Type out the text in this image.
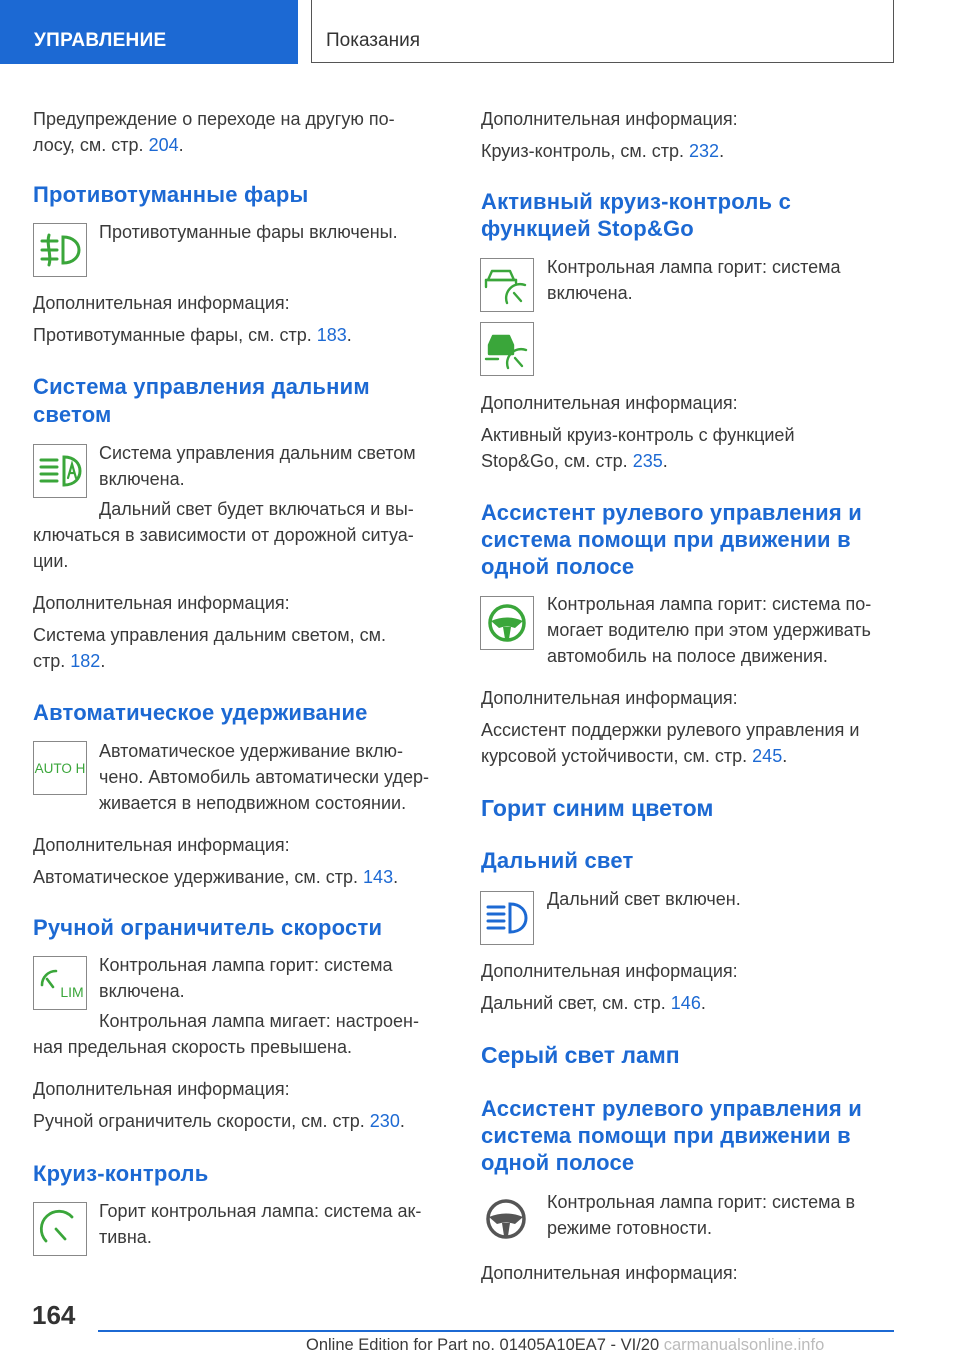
УПРАВЛЕНИЕ	Показания
Предупреждение о переходе на другую по-
лосу, см. стр. 204.
Противотуманные фары
Противотуманные фары включены.
Дополнительная информация:
Противотуманные фары, см. стр. 183.
Система управления дальним
светом
Система управления дальним светом
включена.
Дальний свет будет включаться и вы-
ключаться в зависимости от дорожной ситуа-
ции.
Дополнительная информация:
Система управления дальним светом, см.
стр. 182.
Автоматическое удерживание
AUTO H
Автоматическое удерживание вклю-
чено. Автомобиль автоматически удер-
живается в неподвижном состоянии.
Дополнительная информация:
Автоматическое удерживание, см. стр. 143.
Ручной ограничитель скорости
LIM
Контрольная лампа горит: система
включена.
Контрольная лампа мигает: настроен-
ная предельная скорость превышена.
Дополнительная информация:
Ручной ограничитель скорости, см. стр. 230.
Круиз-контроль
Горит контрольная лампа: система ак-
тивна.
Дополнительная информация:
Круиз-контроль, см. стр. 232.
Активный круиз-контроль с
функцией Stop&Go
Контрольная лампа горит: система
включена.
Дополнительная информация:
Активный круиз-контроль с функцией
Stop&Go, см. стр. 235.
Ассистент рулевого управления и
система помощи при движении в
одной полосе
Контрольная лампа горит: система по-
могает водителю при этом удерживать
автомобиль на полосе движения.
Дополнительная информация:
Ассистент поддержки рулевого управления и
курсовой устойчивости, см. стр. 245.
Горит синим цветом
Дальний свет
Дальний свет включен.
Дополнительная информация:
Дальний свет, см. стр. 146.
Серый свет ламп
Ассистент рулевого управления и
система помощи при движении в
одной полосе
Контрольная лампа горит: система в
режиме готовности.
Дополнительная информация:
164
Online Edition for Part no. 01405A10EA7 - VI/20 carmanualsonline.info
